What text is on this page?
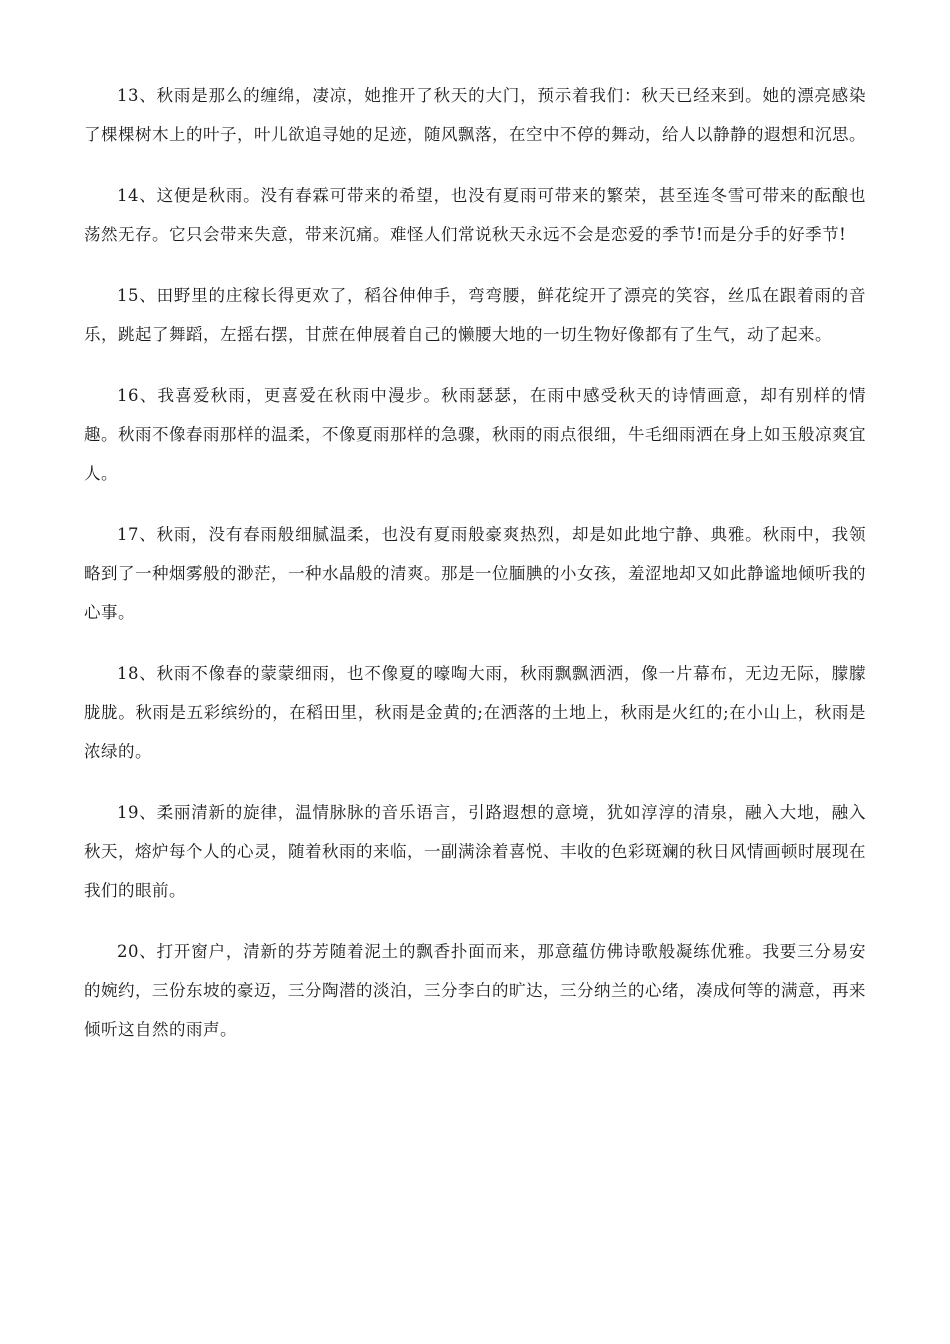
13、秋雨是那么的缠绵，凄凉，她推开了秋天的大门，预示着我们：秋天已经来到。她的漂亮感染了棵棵树木上的叶子，叶儿欲追寻她的足迹，随风飘落，在空中不停的舞动，给人以静静的遐想和沉思。

14、这便是秋雨。没有春霖可带来的希望，也没有夏雨可带来的繁荣，甚至连冬雪可带来的酝酿也荡然无存。它只会带来失意，带来沉痛。难怪人们常说秋天永远不会是恋爱的季节!而是分手的好季节!

15、田野里的庄稼长得更欢了，稻谷伸伸手，弯弯腰，鲜花绽开了漂亮的笑容，丝瓜在跟着雨的音乐，跳起了舞蹈，左摇右摆，甘蔗在伸展着自己的懒腰大地的一切生物好像都有了生气，动了起来。

16、我喜爱秋雨，更喜爱在秋雨中漫步。秋雨瑟瑟，在雨中感受秋天的诗情画意，却有别样的情趣。秋雨不像春雨那样的温柔，不像夏雨那样的急骤，秋雨的雨点很细，牛毛细雨洒在身上如玉般凉爽宜人。

17、秋雨，没有春雨般细腻温柔，也没有夏雨般豪爽热烈，却是如此地宁静、典雅。秋雨中，我领略到了一种烟雾般的渺茫，一种水晶般的清爽。那是一位腼腆的小女孩，羞涩地却又如此静谧地倾听我的心事。

18、秋雨不像春的蒙蒙细雨，也不像夏的嚎啕大雨，秋雨飘飘洒洒，像一片幕布，无边无际，朦朦胧胧。秋雨是五彩缤纷的，在稻田里，秋雨是金黄的;在洒落的土地上，秋雨是火红的;在小山上，秋雨是浓绿的。

19、柔丽清新的旋律，温情脉脉的音乐语言，引路遐想的意境，犹如淳淳的清泉，融入大地，融入秋天，熔炉每个人的心灵，随着秋雨的来临，一副满涂着喜悦、丰收的色彩斑斓的秋日风情画顿时展现在我们的眼前。

20、打开窗户，清新的芬芳随着泥土的飘香扑面而来，那意蕴仿佛诗歌般凝练优雅。我要三分易安的婉约，三份东坡的豪迈，三分陶潜的淡泊，三分李白的旷达，三分纳兰的心绪，凑成何等的满意，再来倾听这自然的雨声。
